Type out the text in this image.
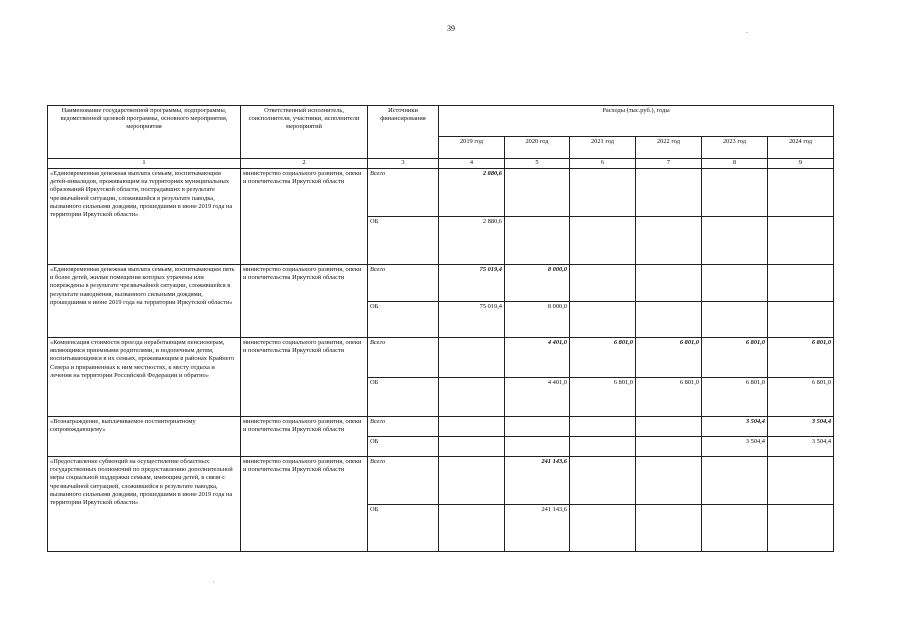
39
Наименование государственной программы, подпрограммы, ведомственной целевой программы, основного мероприятия, мероприятия	Ответственный исполнитель, соисполнители, участники, исполнители мероприятий	Источники финансирования	Расходы (тыс.руб.), годы					
			2019 год	2020 год	2021 год	2022 год	2023 год	2024 год
1	2	3	4	5	6	7	8	9
«Единовременная денежная выплата семьям, воспитывающим детей-инвалидов, проживающим на территориях муниципальных образований Иркутской области, пострадавших в результате чрезвычайной ситуации, сложившейся в результате паводка, вызванного сильными дождями, прошедшими в июне 2019 года на территории Иркутской области»	министерство социального развития, опеки и попечительства Иркутской области	Всего	2 880,6					
		ОБ	2 880,6					
«Единовременная денежная выплата семьям, воспитывающим пять и более детей, жилые помещения которых утрачены или повреждены в результате чрезвычайной ситуации, сложившейся в результате наводнения, вызванного сильными дождями, прошедшими в июне 2019 года на территории Иркутской области»	министерство социального развития, опеки и попечительства Иркутской области	Всего	75 019,4	8 000,0				
		ОБ	75 019,4	8 000,0				
«Компенсация стоимости проезда неработающим пенсионерам, являющимся приемными родителями, и подопечным детям, воспитывающимся в их семьях, проживающим в районах Крайнего Севера и приравненных к ним местностях, к месту отдыха и лечения на территории Российской Федерации и обратно»	министерство социального развития, опеки и попечительства Иркутской области	Всего		4 401,0	6 801,0	6 801,0	6 801,0	6 801,0
		ОБ		4 401,0	6 801,0	6 801,0	6 801,0	6 801,0
«Вознаграждение, выплачиваемое постинтернатному сопровождающему»	министерство социального развития, опеки и попечительства Иркутской области	Всего					3 504,4	3 504,4
		ОБ					3 504,4	3 504,4
«Предоставление субвенций на осуществление областных государственных полномочий по предоставлению дополнительной меры социальной поддержки семьям, имеющим детей, в связи с чрезвычайной ситуацией, сложившейся в результате паводка, вызванного сильными дождями, прошедшими в июне 2019 года на территории Иркутской области»	министерство социального развития, опеки и попечительства Иркутской области	Всего		241 143,6				
		ОБ		241 143,6				
,
-
